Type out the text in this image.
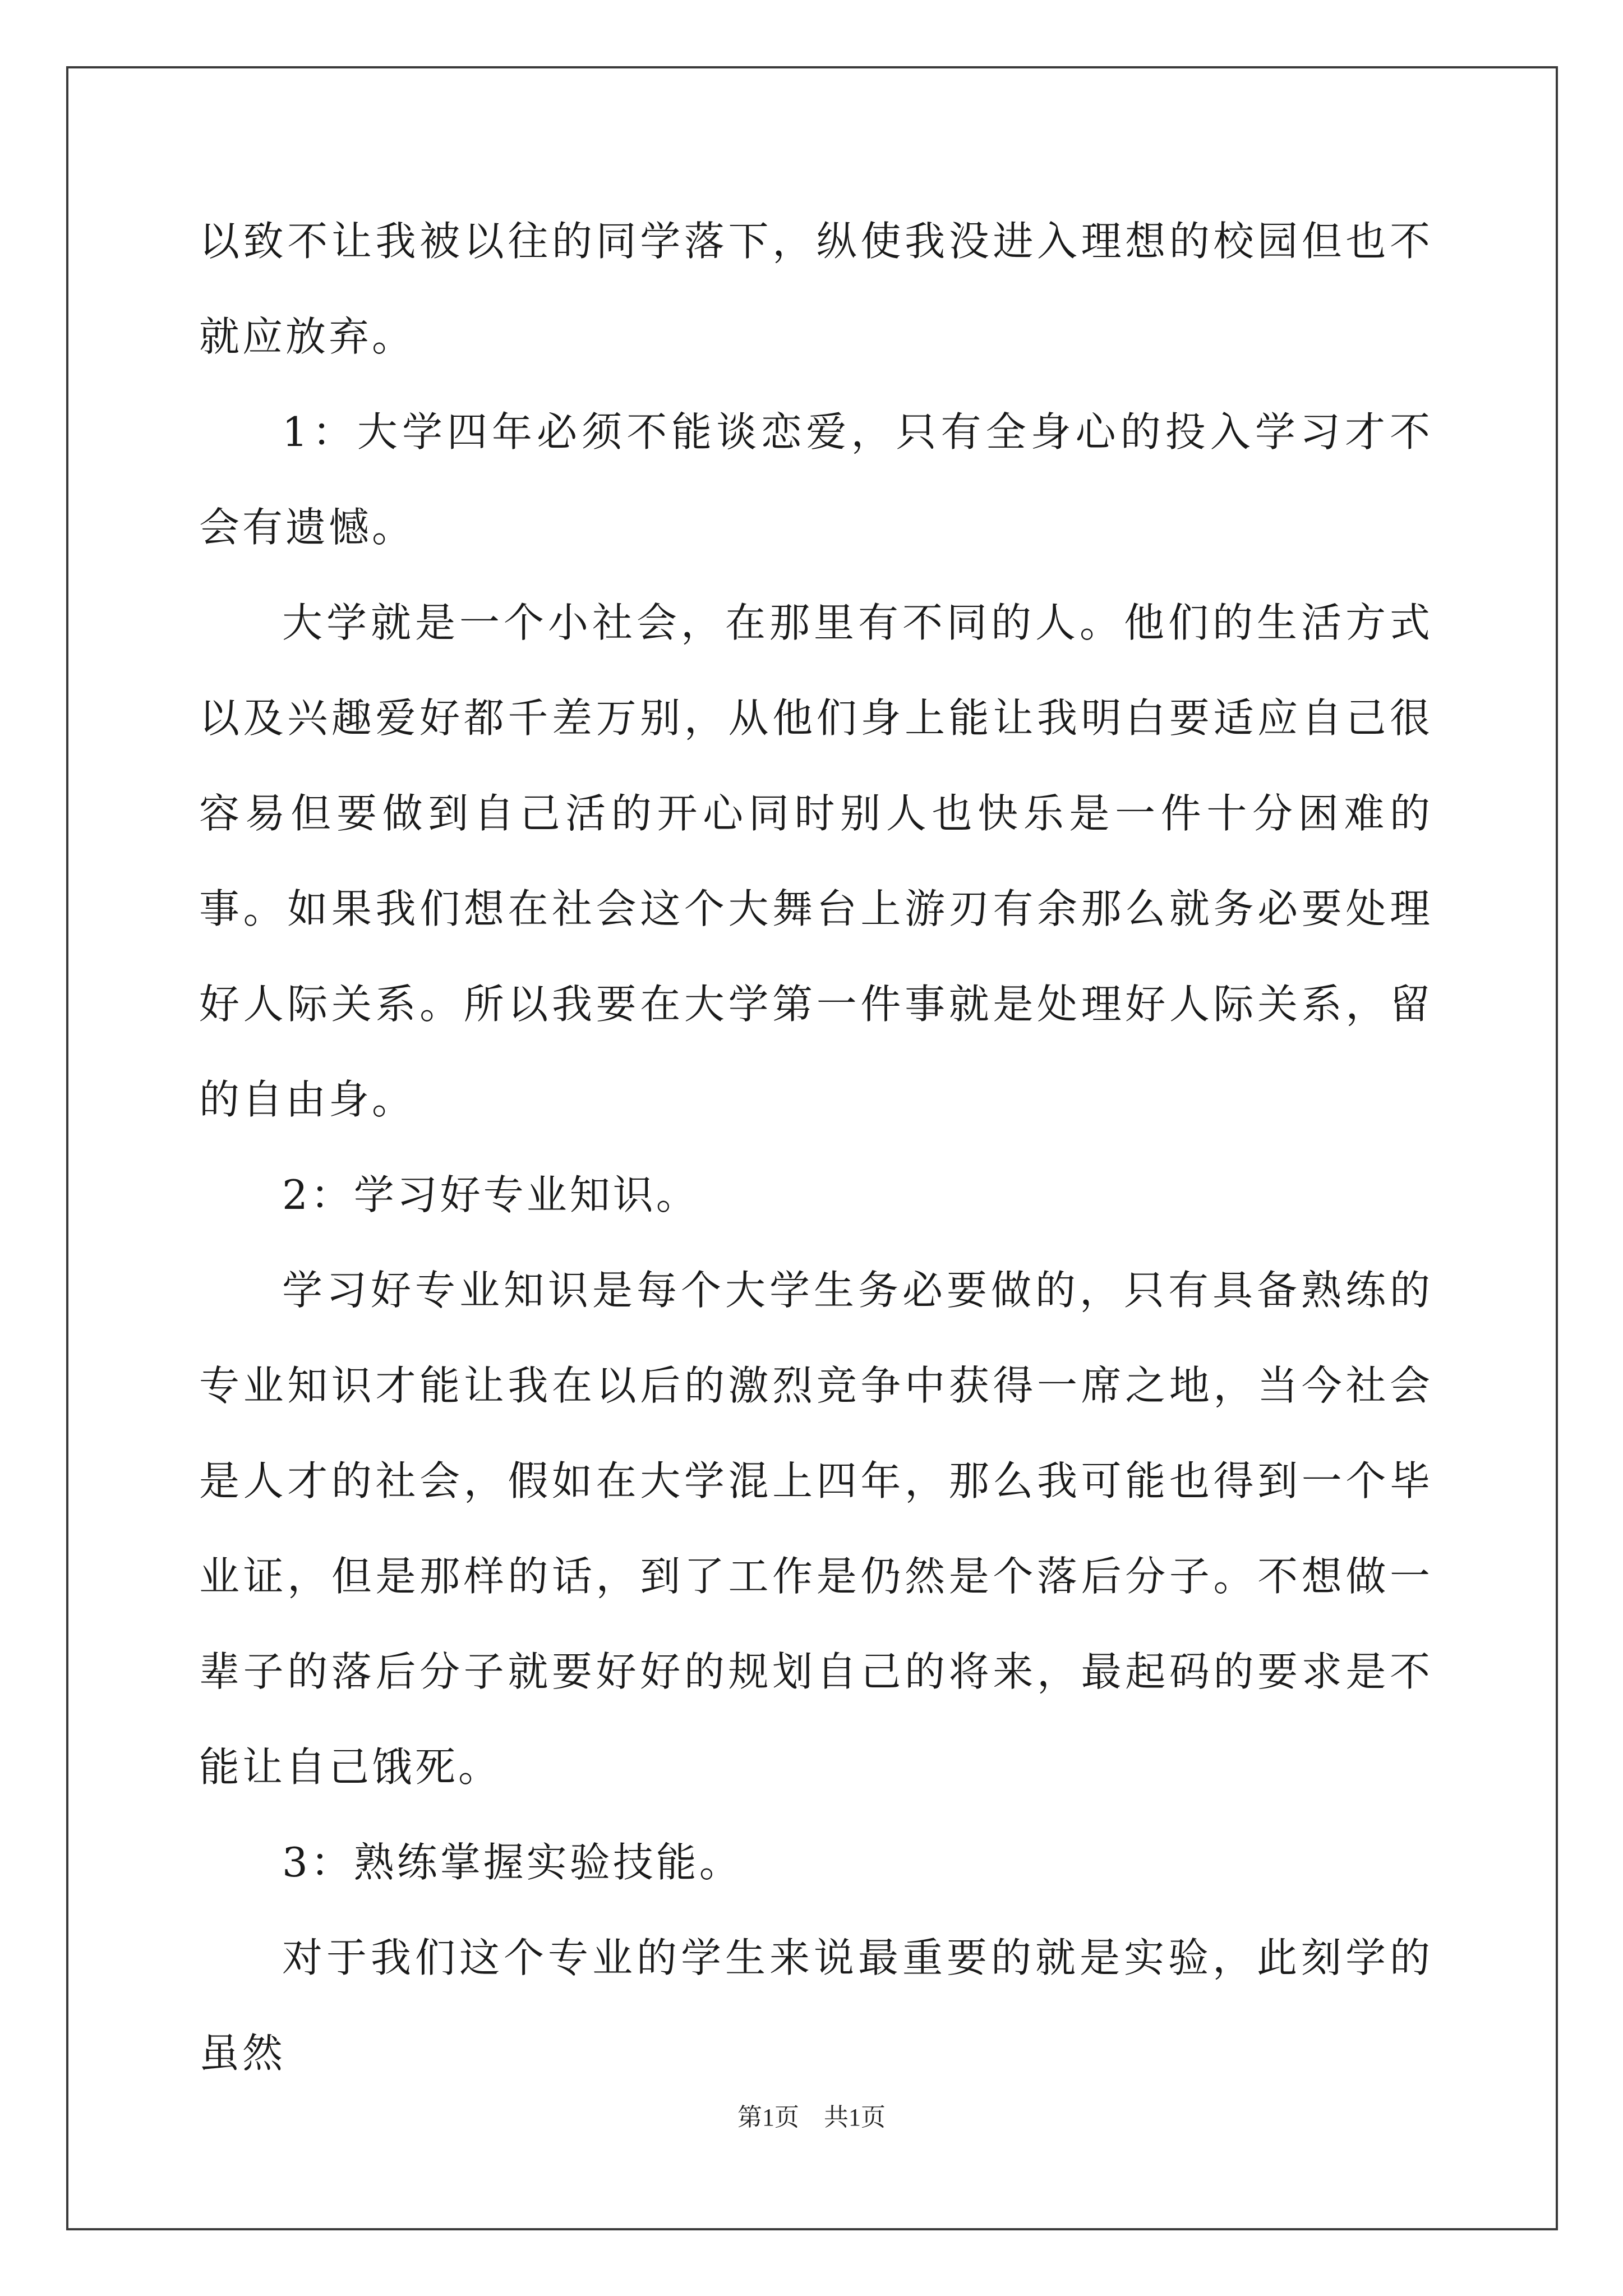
以致不让我被以往的同学落下，纵使我没进入理想的校园但也不就应放弃。

1：大学四年必须不能谈恋爱，只有全身心的投入学习才不会有遗憾。

大学就是一个小社会，在那里有不同的人。他们的生活方式以及兴趣爱好都千差万别，从他们身上能让我明白要适应自己很容易但要做到自己活的开心同时别人也快乐是一件十分困难的事。如果我们想在社会这个大舞台上游刃有余那么就务必要处理好人际关系。所以我要在大学第一件事就是处理好人际关系，留的自由身。

2：学习好专业知识。

学习好专业知识是每个大学生务必要做的，只有具备熟练的专业知识才能让我在以后的激烈竞争中获得一席之地，当今社会是人才的社会，假如在大学混上四年，那么我可能也得到一个毕业证，但是那样的话，到了工作是仍然是个落后分子。不想做一辈子的落后分子就要好好的规划自己的将来，最起码的要求是不能让自己饿死。

3：熟练掌握实验技能。

对于我们这个专业的学生来说最重要的就是实验，此刻学的虽然

第1页　共1页
